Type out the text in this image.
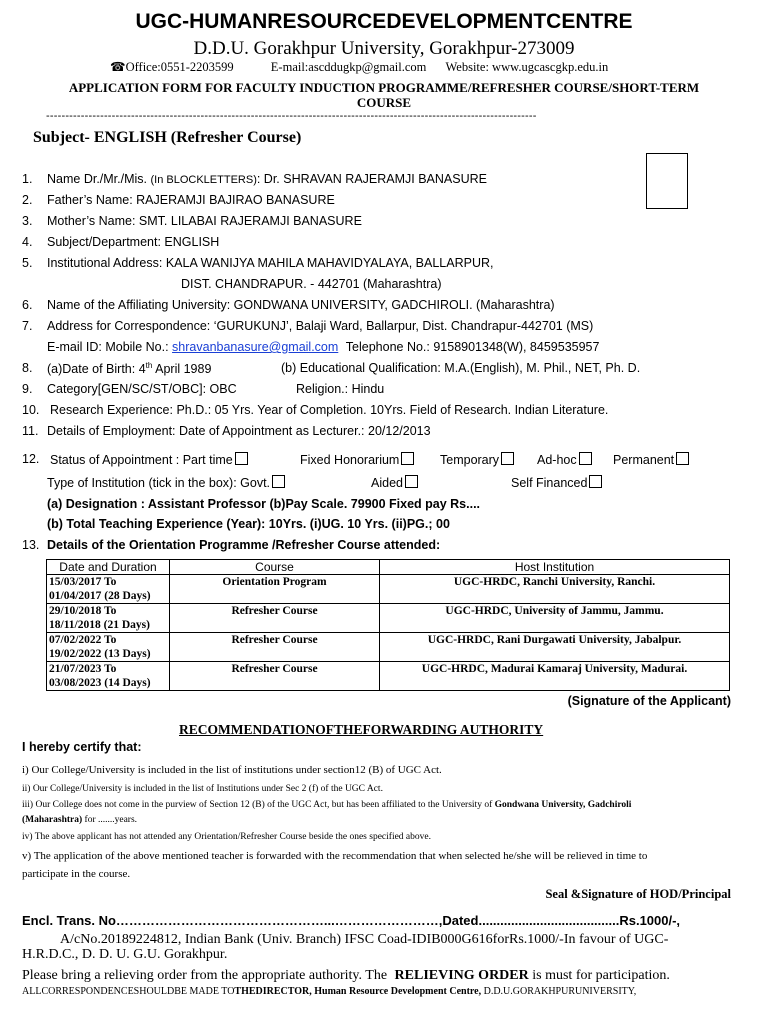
UGC-HUMANRESOURCEDEVELOPMENTCENTRE
D.D.U. Gorakhpur University, Gorakhpur-273009
☎Office:0551-2203599	E-mail:ascddugkp@gmail.com Website: www.ugcascgkp.edu.in
APPLICATION FORM FOR FACULTY INDUCTION PROGRAMME/REFRESHER COURSE/SHORT-TERM
COURSE
-------------------------------------------------------------------------------------------------------------------------------
Subject- ENGLISH (Refresher Course)
1.
2.
3.
4.
5.
6.
7.
8.
9.
10.
11.
12.
13.
Name Dr./Mr./Mis. (In BLOCKLETTERS): Dr. SHRAVAN RAJERAMJI BANASURE
Father’s Name: RAJERAMJI BAJIRAO BANASURE
Mother’s Name: SMT. LILABAI RAJERAMJI BANASURE
Subject/Department: ENGLISH
Institutional Address: KALA WANIJYA MAHILA MAHAVIDYALAYA, BALLARPUR,
DIST. CHANDRAPUR. - 442701 (Maharashtra)
Name of the Affiliating University: GONDWANA UNIVERSITY, GADCHIROLI. (Maharashtra)
Address for Correspondence: ‘GURUKUNJ’, Balaji Ward, Ballarpur, Dist. Chandrapur-442701 (MS)
E-mail ID: Mobile No.: shravanbanasure@gmail.com Telephone No.: 9158901348(W), 8459535957
(a)Date of Birth: 4th April 1989	(b) Educational Qualification: M.A.(English), M. Phil., NET, Ph. D.
Category[GEN/SC/ST/OBC]: OBC	Religion.: Hindu
Research Experience: Ph.D.: 05 Yrs. Year of Completion. 10Yrs. Field of Research. Indian Literature.
Details of Employment: Date of Appointment as Lecturer.: 20/12/2013
Status of Appointment : Part time	Fixed Honorarium	Temporary	Ad-hoc	Permanent
Type of Institution (tick in the box): Govt.	Aided	Self Financed
(a) Designation : Assistant Professor (b)Pay Scale. 79900 Fixed pay Rs....
(b) Total Teaching Experience (Year): 10Yrs. (i)UG. 10 Yrs. (ii)PG.; 00
Details of the Orientation Programme /Refresher Course attended:
Date and Duration	Course	Host Institution
15/03/2017 To
01/04/2017 (28 Days)	Orientation Program	UGC-HRDC, Ranchi University, Ranchi.
29/10/2018 To
18/11/2018 (21 Days)	Refresher Course	UGC-HRDC, University of Jammu, Jammu.
07/02/2022 To
19/02/2022 (13 Days)	Refresher Course	UGC-HRDC, Rani Durgawati University, Jabalpur.
21/07/2023 To
03/08/2023 (14 Days)	Refresher Course	UGC-HRDC, Madurai Kamaraj University, Madurai.
(Signature of the Applicant)
RECOMMENDATIONOFTHEFORWARDING AUTHORITY
I hereby certify that:
i) Our College/University is included in the list of institutions under section12 (B) of UGC Act.
ii) Our College/University is included in the list of Institutions under Sec 2 (f) of the UGC Act.
iii) Our College does not come in the purview of Section 12 (B) of the UGC Act, but has been affiliated to the University of Gondwana University, Gadchiroli
(Maharashtra) for .......years.
iv) The above applicant has not attended any Orientation/Refresher Course beside the ones specified above.
v) The application of the above mentioned teacher is forwarded with the recommendation that when selected he/she will be relieved in time to
participate in the course.
Seal &Signature of HOD/Principal
Encl. Trans. No…………………………………………...……………………,Dated.......................................Rs.1000/-,
A/cNo.20189224812, Indian Bank (Univ. Branch) IFSC Coad-IDIB000G616forRs.1000/-In favour of UGC-
H.R.D.C., D. D. U. G.U. Gorakhpur.
Please bring a relieving order from the appropriate authority. The RELIEVING ORDER is must for participation.
ALLCORRESPONDENCESHOULDBE MADE TOTHEDIRECTOR, Human Resource Development Centre, D.D.U.GORAKHPURUNIVERSITY,
